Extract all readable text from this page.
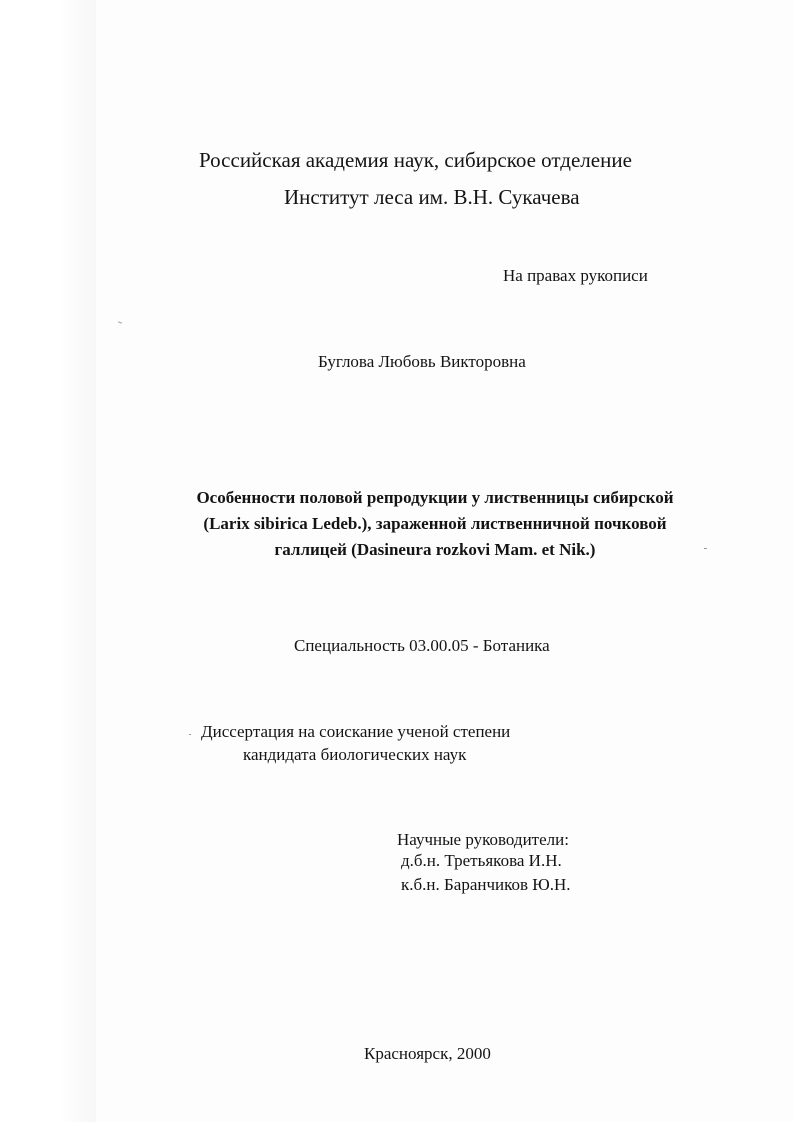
Российская академия наук, сибирское отделение
Институт леса им. В.Н. Сукачева
На правах рукописи
Буглова Любовь Викторовна
Особенности половой репродукции у лиственницы сибирской
(Larix sibirica Ledeb.), зараженной лиственничной почковой
галлицей (Dasineura rozkovi Mam. et Nik.)
Специальность 03.00.05 - Ботаника
Диссертация на соискание ученой степени
кандидата биологических наук
Научные руководители:
д.б.н. Третьякова И.Н.
к.б.н. Баранчиков Ю.Н.
Красноярск, 2000
